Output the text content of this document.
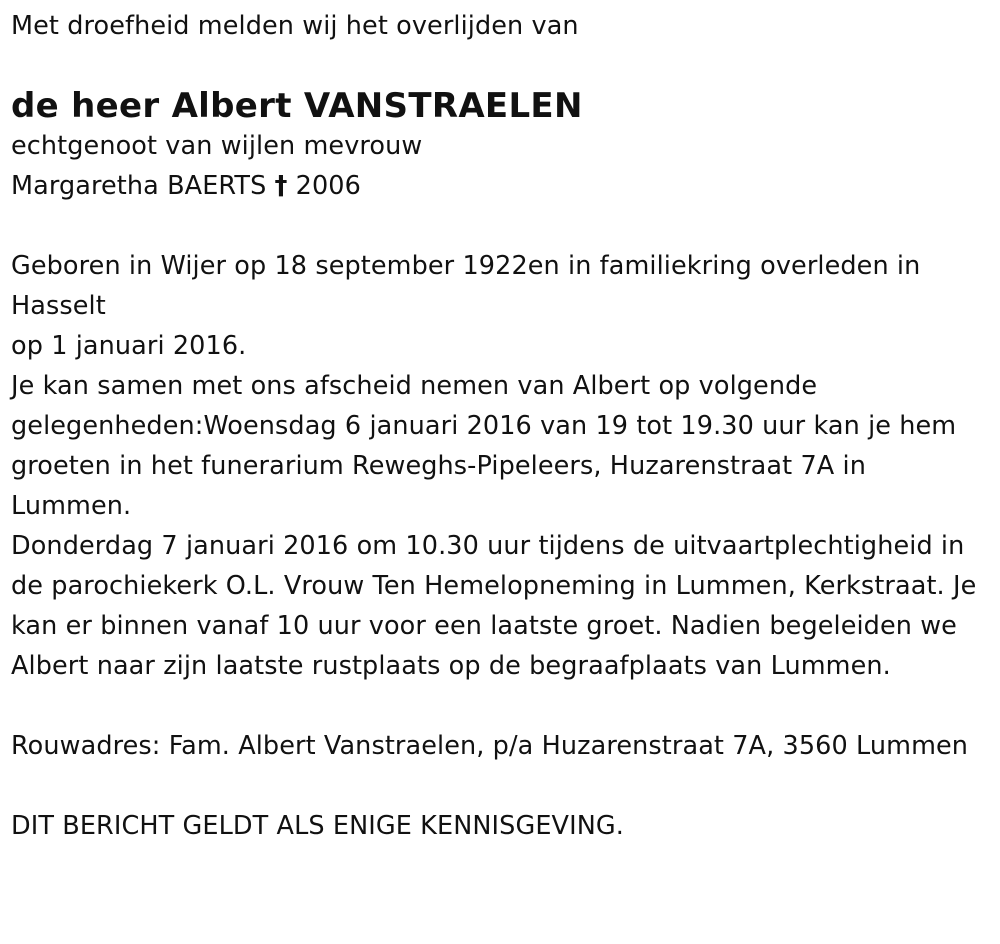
Met droefheid melden wij het overlijden van

de heer Albert VANSTRAELEN

echtgenoot van wijlen mevrouw

Margaretha BAERTS † 2006

Geboren in Wijer op 18 september 1922en in familiekring overleden in

Hasselt

op 1 januari 2016.

Je kan samen met ons afscheid nemen van Albert op volgende gelegenheden:Woensdag 6 januari 2016 van 19 tot 19.30 uur kan je hem groeten in het funerarium Reweghs-Pipeleers, Huzarenstraat 7A in Lummen.

Donderdag 7 januari 2016 om 10.30 uur tijdens de uitvaartplechtigheid in de parochiekerk O.L. Vrouw Ten Hemelopneming in Lummen, Kerkstraat. Je kan er binnen vanaf 10 uur voor een laatste groet. Nadien begeleiden we Albert naar zijn laatste rustplaats op de begraafplaats van Lummen.

Rouwadres: Fam. Albert Vanstraelen, p/a Huzarenstraat 7A, 3560 Lummen

DIT BERICHT GELDT ALS ENIGE KENNISGEVING.
